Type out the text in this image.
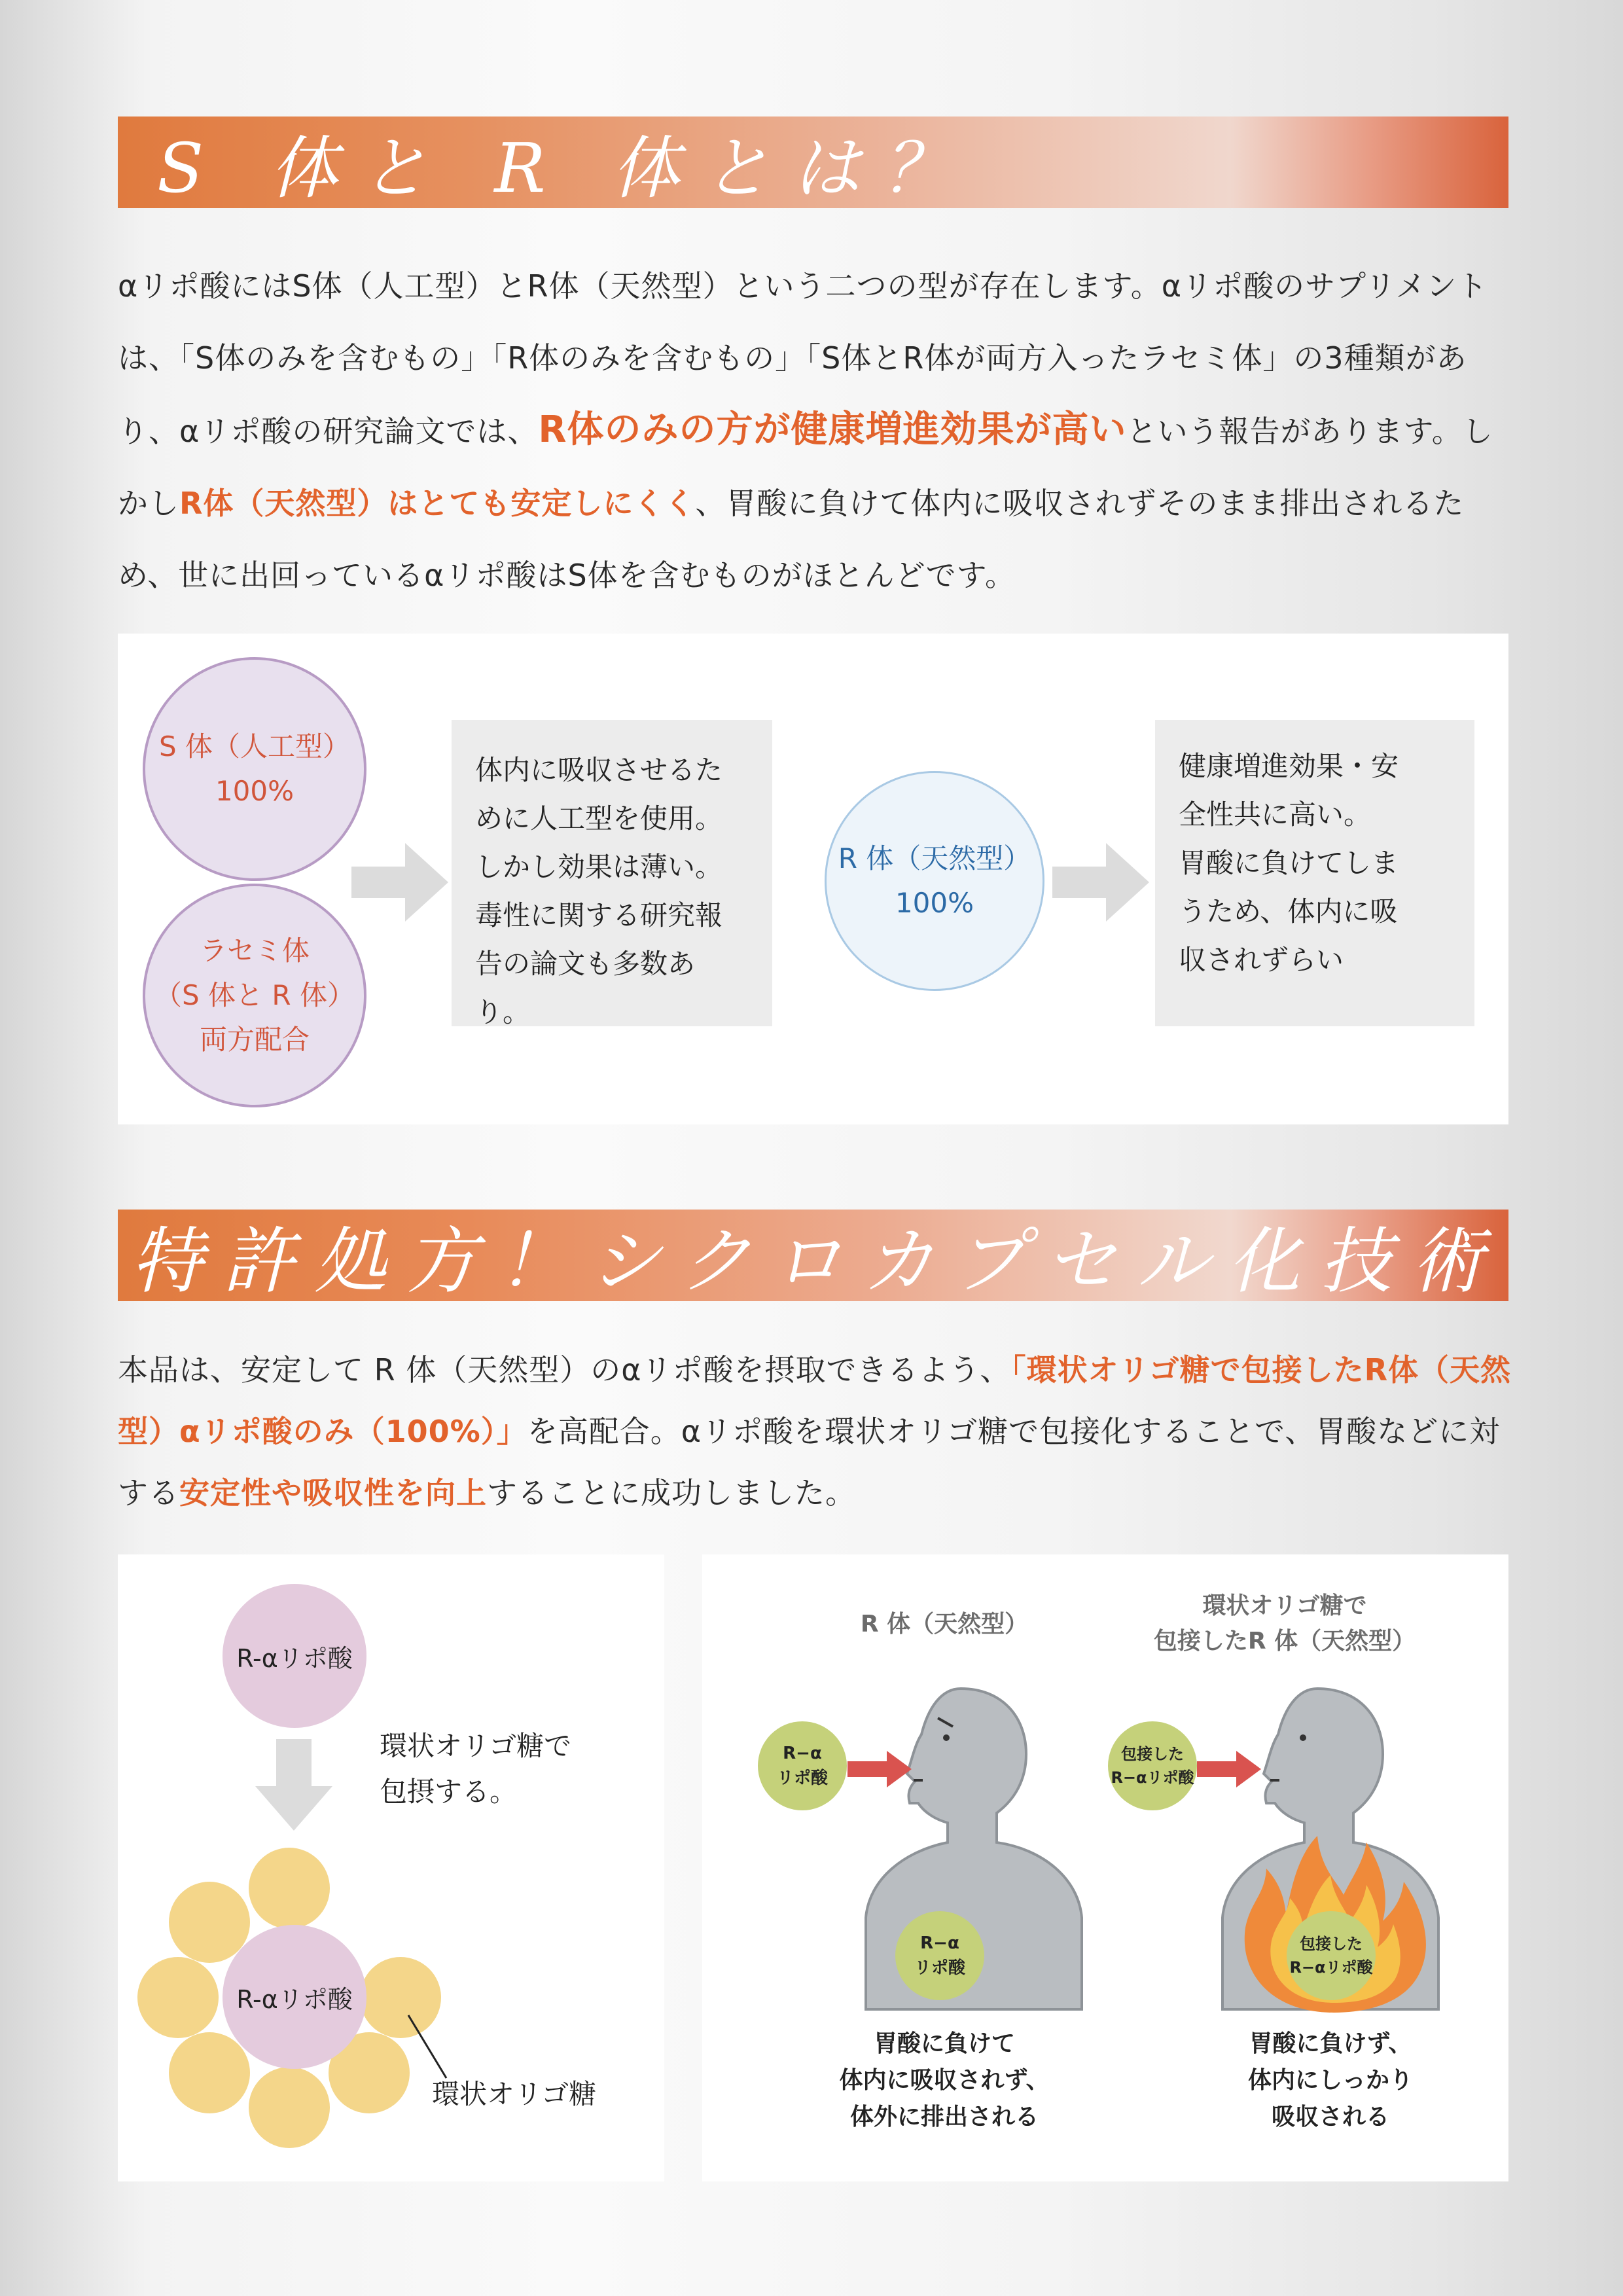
S 体と R 体とは？
αリポ酸にはS体（人工型）とR体（天然型）という二つの型が存在します。αリポ酸のサプリメントは、「S体のみを含むもの」「R体のみを含むもの」「S体とR体が両方入ったラセミ体」の3種類があり、αリポ酸の研究論文では、R体のみの方が健康増進効果が高いという報告があります。しかしR体（天然型）はとても安定しにくく、胃酸に負けて体内に吸収されずそのまま排出されるため、世に出回っているαリポ酸はS体を含むものがほとんどです。
S 体（人工型）
100%
ラセミ体
（S 体と R 体）
両方配合
体内に吸収させるた
めに人工型を使用。
しかし効果は薄い。
毒性に関する研究報
告の論文も多数あり。
R 体（天然型）
100%
健康増進効果・安
全性共に高い。
胃酸に負けてしま
うため、体内に吸
収されずらい
特許処方！シクロカプセル化技術
本品は、安定して R 体（天然型）のαリポ酸を摂取できるよう、「環状オリゴ糖で包接したR体（天然型）αリポ酸のみ（100%）」を高配合。αリポ酸を環状オリゴ糖で包接化することで、胃酸などに対する安定性や吸収性を向上することに成功しました。
R-αリポ酸
環状オリゴ糖で
包摂する。
R-αリポ酸
環状オリゴ糖
R 体（天然型）
環状オリゴ糖で
包接したR 体（天然型）
R−α
リポ酸
R−α
リポ酸
胃酸に負けて
体内に吸収されず、
体外に排出される
包接した
R−αリポ酸
包接した
R−αリポ酸
胃酸に負けず、
体内にしっかり
吸収される
